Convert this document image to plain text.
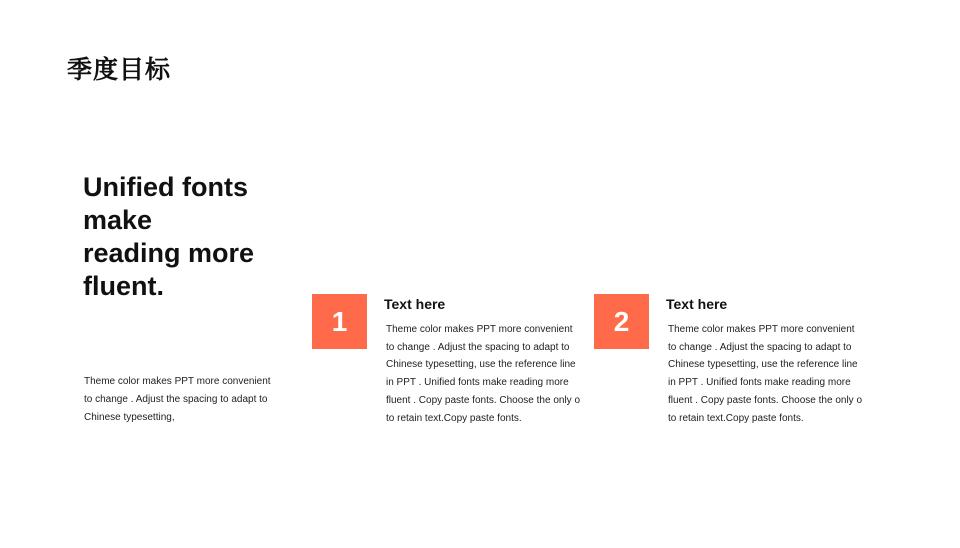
季度目标
Unified fonts
make
reading more
fluent.
Theme color makes PPT more convenient
to change . Adjust the spacing to adapt to
Chinese typesetting,
1
Text here
Theme color makes PPT more convenient
to change . Adjust the spacing to adapt to
Chinese typesetting, use the reference line
in PPT . Unified fonts make reading more
fluent . Copy paste fonts. Choose the only o
to retain text.Copy paste fonts.
2
Text here
Theme color makes PPT more convenient
to change . Adjust the spacing to adapt to
Chinese typesetting, use the reference line
in PPT . Unified fonts make reading more
fluent . Copy paste fonts. Choose the only o
to retain text.Copy paste fonts.
